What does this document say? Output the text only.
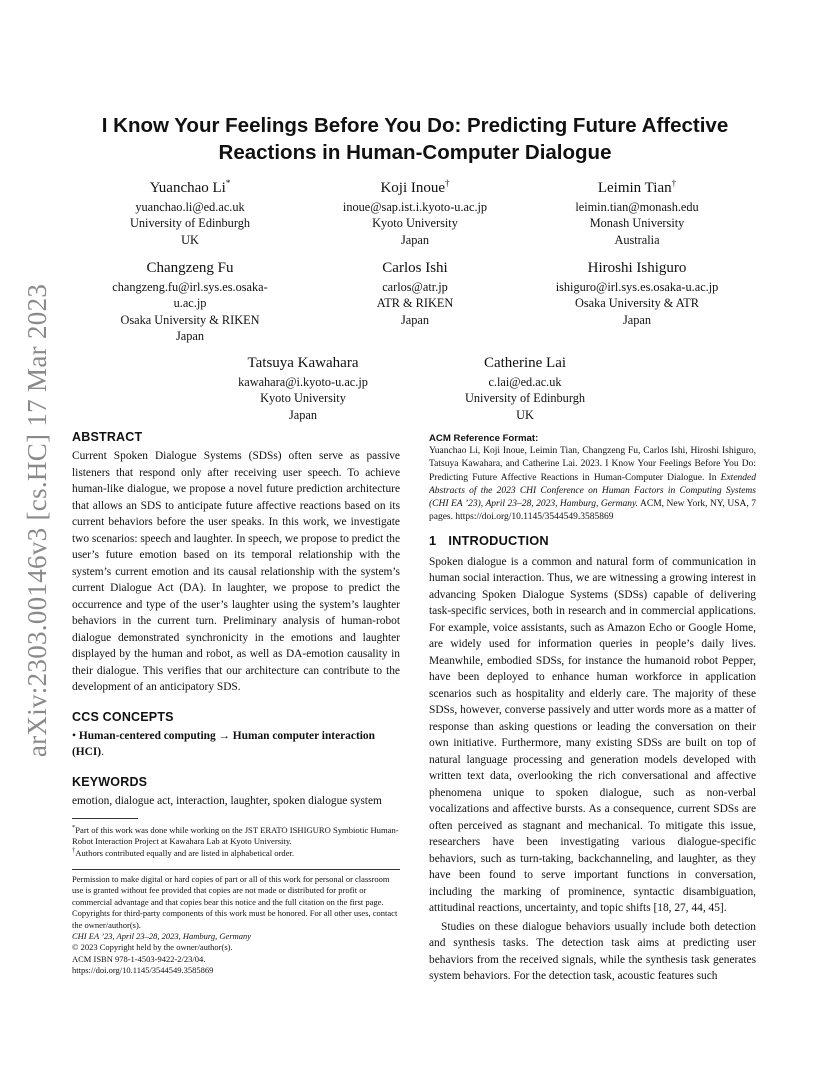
arXiv:2303.00146v3 [cs.HC] 17 Mar 2023
I Know Your Feelings Before You Do: Predicting Future Affective
Reactions in Human-Computer Dialogue
Yuanchao Li*
yuanchao.li@ed.ac.uk
University of Edinburgh
UK
Koji Inoue†
inoue@sap.ist.i.kyoto-u.ac.jp
Kyoto University
Japan
Leimin Tian†
leimin.tian@monash.edu
Monash University
Australia
Changzeng Fu
changzeng.fu@irl.sys.es.osaka-
u.ac.jp
Osaka University & RIKEN
Japan
Carlos Ishi
carlos@atr.jp
ATR & RIKEN
Japan
Hiroshi Ishiguro
ishiguro@irl.sys.es.osaka-u.ac.jp
Osaka University & ATR
Japan
Tatsuya Kawahara
kawahara@i.kyoto-u.ac.jp
Kyoto University
Japan
Catherine Lai
c.lai@ed.ac.uk
University of Edinburgh
UK
ABSTRACT

Current Spoken Dialogue Systems (SDSs) often serve as passive listeners that respond only after receiving user speech. To achieve human-like dialogue, we propose a novel future prediction architecture that allows an SDS to anticipate future affective reactions based on its current behaviors before the user speaks. In this work, we investigate two scenarios: speech and laughter. In speech, we propose to predict the user’s future emotion based on its temporal relationship with the system’s current emotion and its causal relationship with the system’s current Dialogue Act (DA). In laughter, we propose to predict the occurrence and type of the user’s laughter using the system’s laughter behaviors in the current turn. Preliminary analysis of human-robot dialogue demonstrated synchronicity in the emotions and laughter displayed by the human and robot, as well as DA-emotion causality in their dialogue. This verifies that our architecture can contribute to the development of an anticipatory SDS.

CCS CONCEPTS

• Human-centered computing → Human computer interaction (HCI).

KEYWORDS

emotion, dialogue act, interaction, laughter, spoken dialogue system

*Part of this work was done while working on the JST ERATO ISHIGURO Symbiotic Human-Robot Interaction Project at Kawahara Lab at Kyoto University.

†Authors contributed equally and are listed in alphabetical order.

Permission to make digital or hard copies of part or all of this work for personal or classroom use is granted without fee provided that copies are not made or distributed for profit or commercial advantage and that copies bear this notice and the full citation on the first page. Copyrights for third-party components of this work must be honored. For all other uses, contact the owner/author(s).

CHI EA ’23, April 23–28, 2023, Hamburg, Germany

© 2023 Copyright held by the owner/author(s).

ACM ISBN 978-1-4503-9422-2/23/04.

https://doi.org/10.1145/3544549.3585869

ACM Reference Format:

Yuanchao Li, Koji Inoue, Leimin Tian, Changzeng Fu, Carlos Ishi, Hiroshi Ishiguro, Tatsuya Kawahara, and Catherine Lai. 2023. I Know Your Feelings Before You Do: Predicting Future Affective Reactions in Human-Computer Dialogue. In Extended Abstracts of the 2023 CHI Conference on Human Factors in Computing Systems (CHI EA ’23), April 23–28, 2023, Hamburg, Germany. ACM, New York, NY, USA, 7 pages. https://doi.org/10.1145/3544549.3585869

1 INTRODUCTION

Spoken dialogue is a common and natural form of communication in human social interaction. Thus, we are witnessing a growing interest in advancing Spoken Dialogue Systems (SDSs) capable of delivering task-specific services, both in research and in commercial applications. For example, voice assistants, such as Amazon Echo or Google Home, are widely used for information queries in people’s daily lives. Meanwhile, embodied SDSs, for instance the humanoid robot Pepper, have been deployed to enhance human workforce in application scenarios such as hospitality and elderly care. The majority of these SDSs, however, converse passively and utter words more as a matter of response than asking questions or leading the conversation on their own initiative. Furthermore, many existing SDSs are built on top of natural language processing and generation models developed with written text data, overlooking the rich conversational and affective phenomena unique to spoken dialogue, such as non-verbal vocalizations and affective bursts. As a consequence, current SDSs are often perceived as stagnant and mechanical. To mitigate this issue, researchers have been investigating various dialogue-specific behaviors, such as turn-taking, backchanneling, and laughter, as they have been found to serve important functions in conversation, including the marking of prominence, syntactic disambiguation, attitudinal reactions, uncertainty, and topic shifts [18, 27, 44, 45].

Studies on these dialogue behaviors usually include both detection and synthesis tasks. The detection task aims at predicting user behaviors from the received signals, while the synthesis task generates system behaviors. For the detection task, acoustic features such
